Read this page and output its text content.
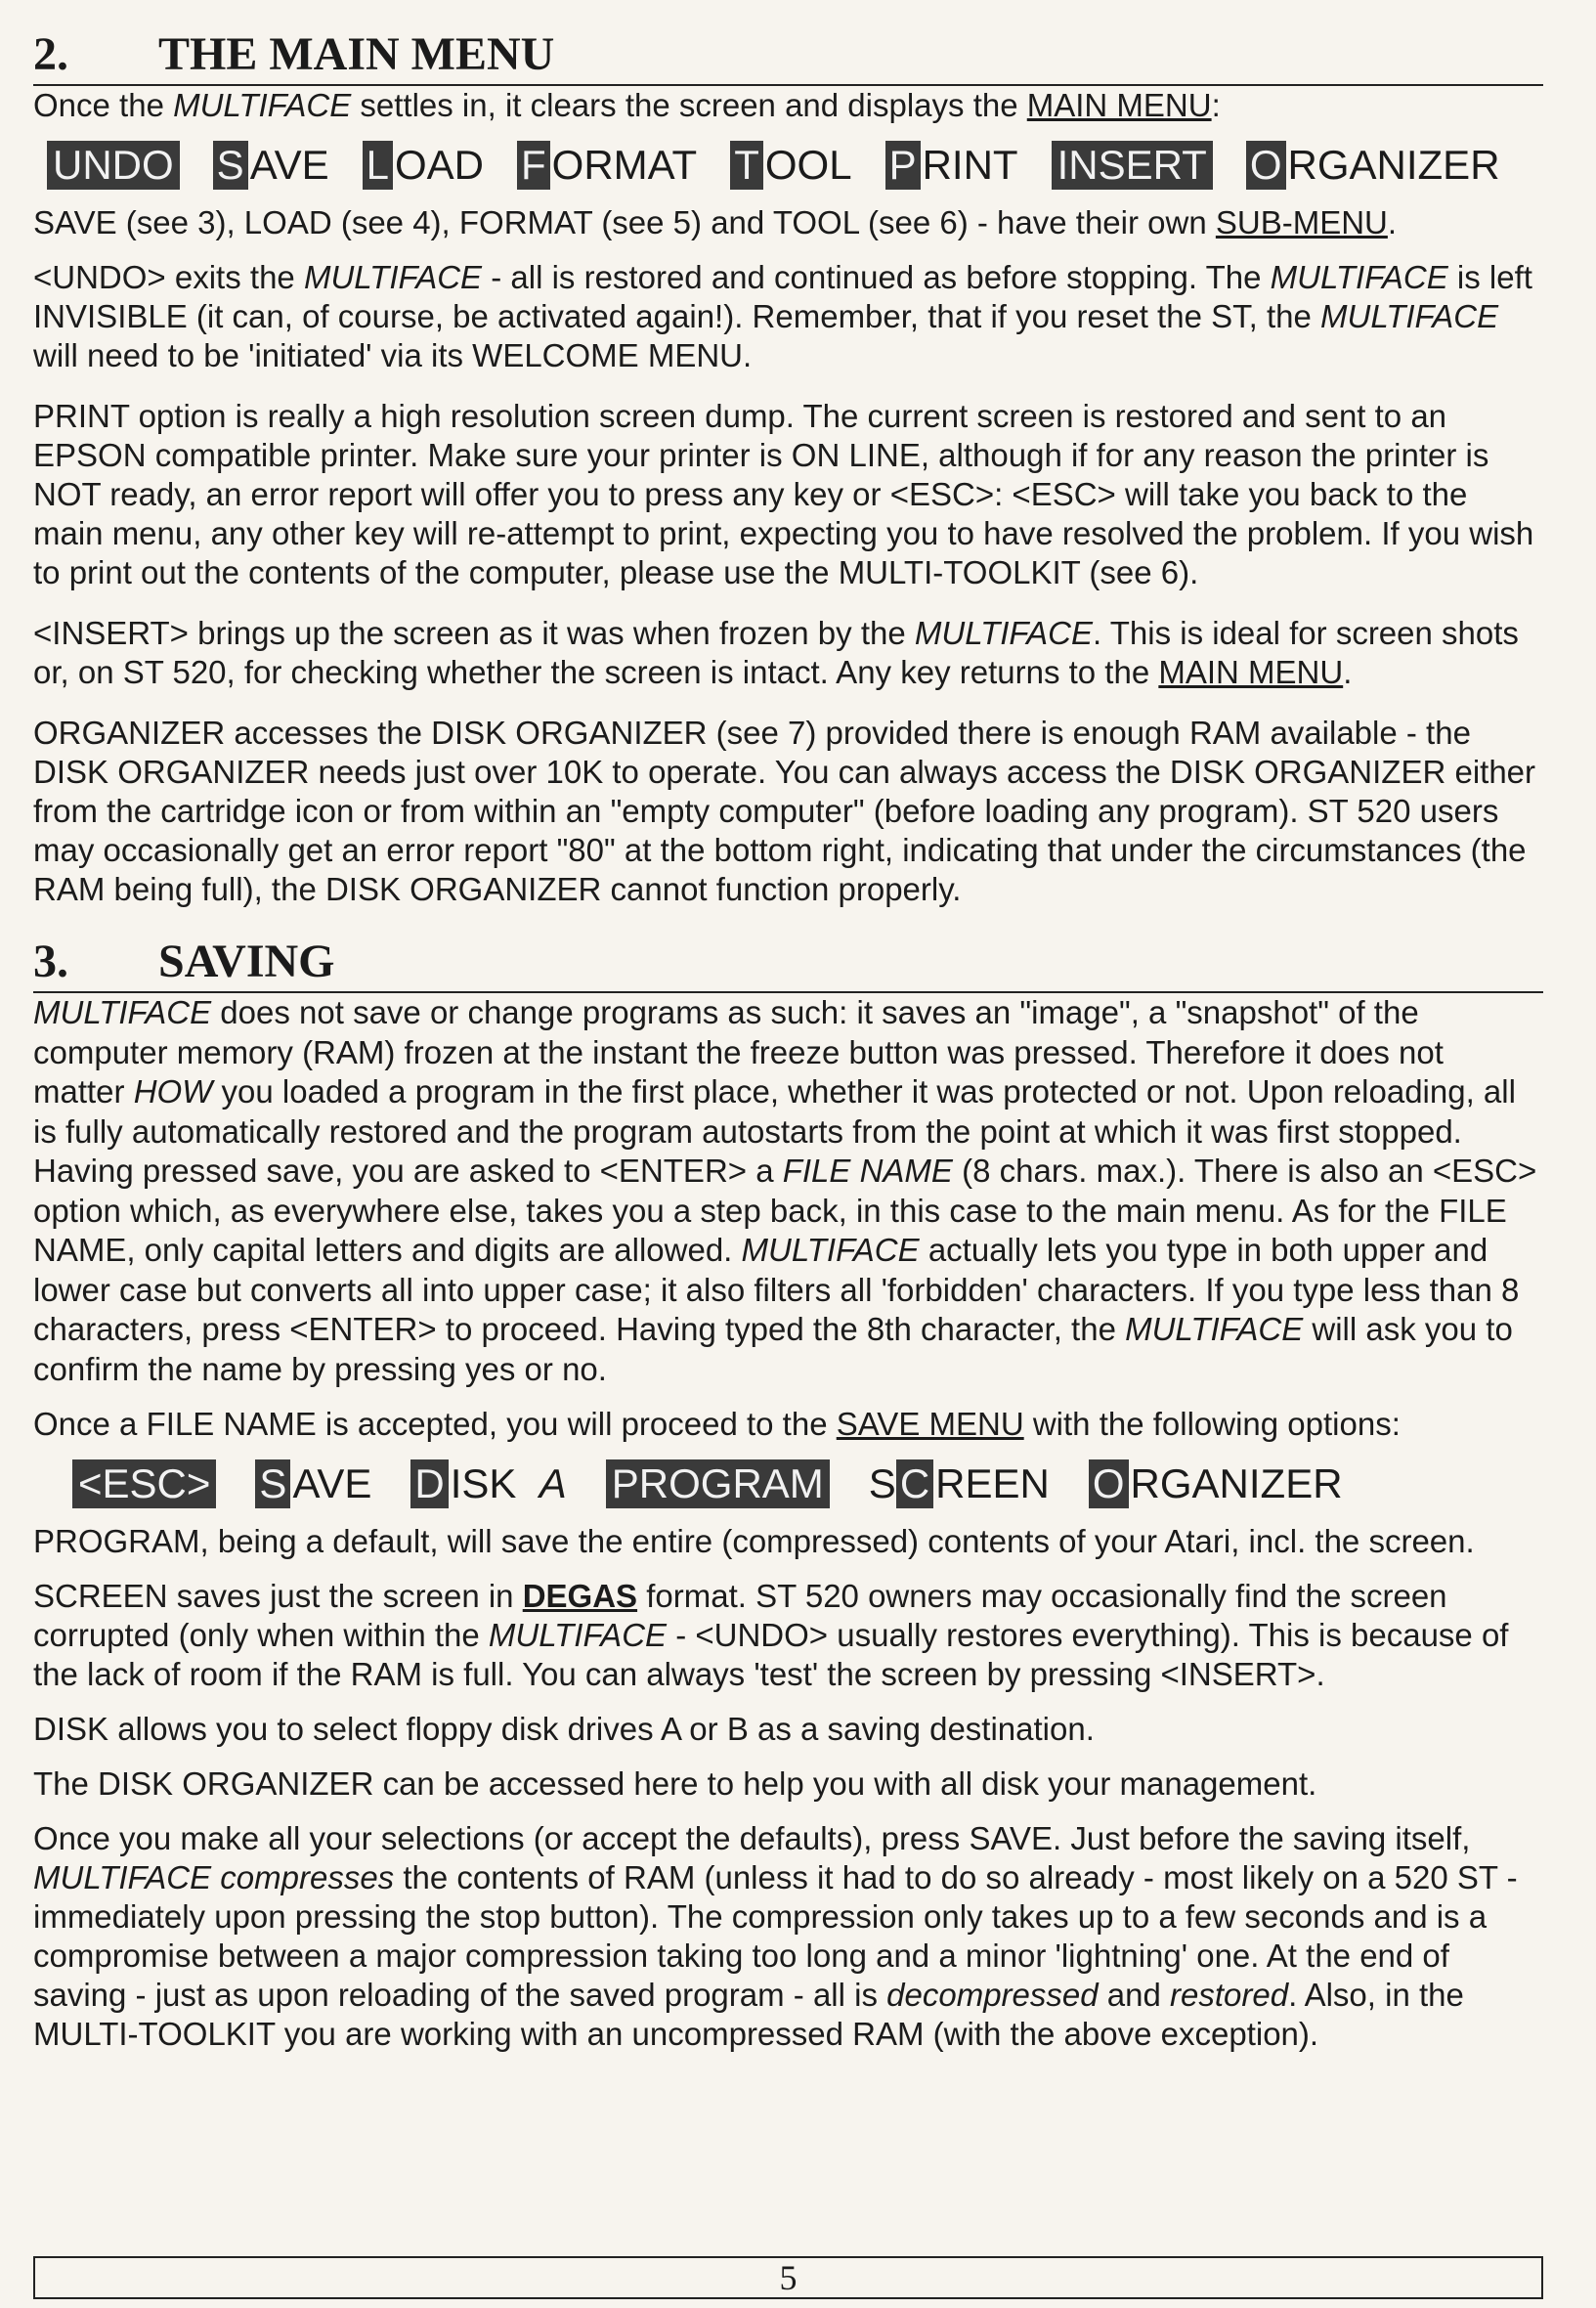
2. THE MAIN MENU

Once the MULTIFACE settles in, it clears the screen and displays the MAIN MENU:

UNDO S AVE L OAD F ORMAT T OOL P RINT INSERT O RGANIZER

SAVE (see 3), LOAD (see 4), FORMAT (see 5) and TOOL (see 6) - have their own SUB-MENU.

<UNDO> exits the MULTIFACE - all is restored and continued as before stopping. The MULTIFACE is left INVISIBLE (it can, of course, be activated again!). Remember, that if you reset the ST, the MULTIFACE will need to be 'initiated' via its WELCOME MENU.

PRINT option is really a high resolution screen dump. The current screen is restored and sent to an EPSON compatible printer. Make sure your printer is ON LINE, although if for any reason the printer is NOT ready, an error report will offer you to press any key or <ESC>: <ESC> will take you back to the main menu, any other key will re-attempt to print, expecting you to have resolved the problem. If you wish to print out the contents of the computer, please use the MULTI-TOOLKIT (see 6).

<INSERT> brings up the screen as it was when frozen by the MULTIFACE. This is ideal for screen shots or, on ST 520, for checking whether the screen is intact. Any key returns to the MAIN MENU.

ORGANIZER accesses the DISK ORGANIZER (see 7) provided there is enough RAM available - the DISK ORGANIZER needs just over 10K to operate. You can always access the DISK ORGANIZER either from the cartridge icon or from within an "empty computer" (before loading any program). ST 520 users may occasionally get an error report "80" at the bottom right, indicating that under the circumstances (the RAM being full), the DISK ORGANIZER cannot function properly.

3. SAVING

MULTIFACE does not save or change programs as such: it saves an "image", a "snapshot" of the computer memory (RAM) frozen at the instant the freeze button was pressed. Therefore it does not matter HOW you loaded a program in the first place, whether it was protected or not. Upon reloading, all is fully automatically restored and the program autostarts from the point at which it was first stopped. Having pressed save, you are asked to <ENTER> a FILE NAME (8 chars. max.). There is also an <ESC> option which, as everywhere else, takes you a step back, in this case to the main menu. As for the FILE NAME, only capital letters and digits are allowed. MULTIFACE actually lets you type in both upper and lower case but converts all into upper case; it also filters all 'forbidden' characters. If you type less than 8 characters, press <ENTER> to proceed. Having typed the 8th character, the MULTIFACE will ask you to confirm the name by pressing yes or no.

Once a FILE NAME is accepted, you will proceed to the SAVE MENU with the following options:

<ESC> S AVE D ISK
A PROGRAM S C REEN O RGANIZER

PROGRAM, being a default, will save the entire (compressed) contents of your Atari, incl. the screen.

SCREEN saves just the screen in DEGAS format. ST 520 owners may occasionally find the screen corrupted (only when within the MULTIFACE - <UNDO> usually restores everything). This is because of the lack of room if the RAM is full. You can always 'test' the screen by pressing <INSERT>.

DISK allows you to select floppy disk drives A or B as a saving destination.

The DISK ORGANIZER can be accessed here to help you with all disk your management.

Once you make all your selections (or accept the defaults), press SAVE. Just before the saving itself, MULTIFACE compresses the contents of RAM (unless it had to do so already - most likely on a 520 ST - immediately upon pressing the stop button). The compression only takes up to a few seconds and is a compromise between a major compression taking too long and a minor 'lightning' one. At the end of saving - just as upon reloading of the saved program - all is decompressed and restored. Also, in the MULTI-TOOLKIT you are working with an uncompressed RAM (with the above exception).

5
